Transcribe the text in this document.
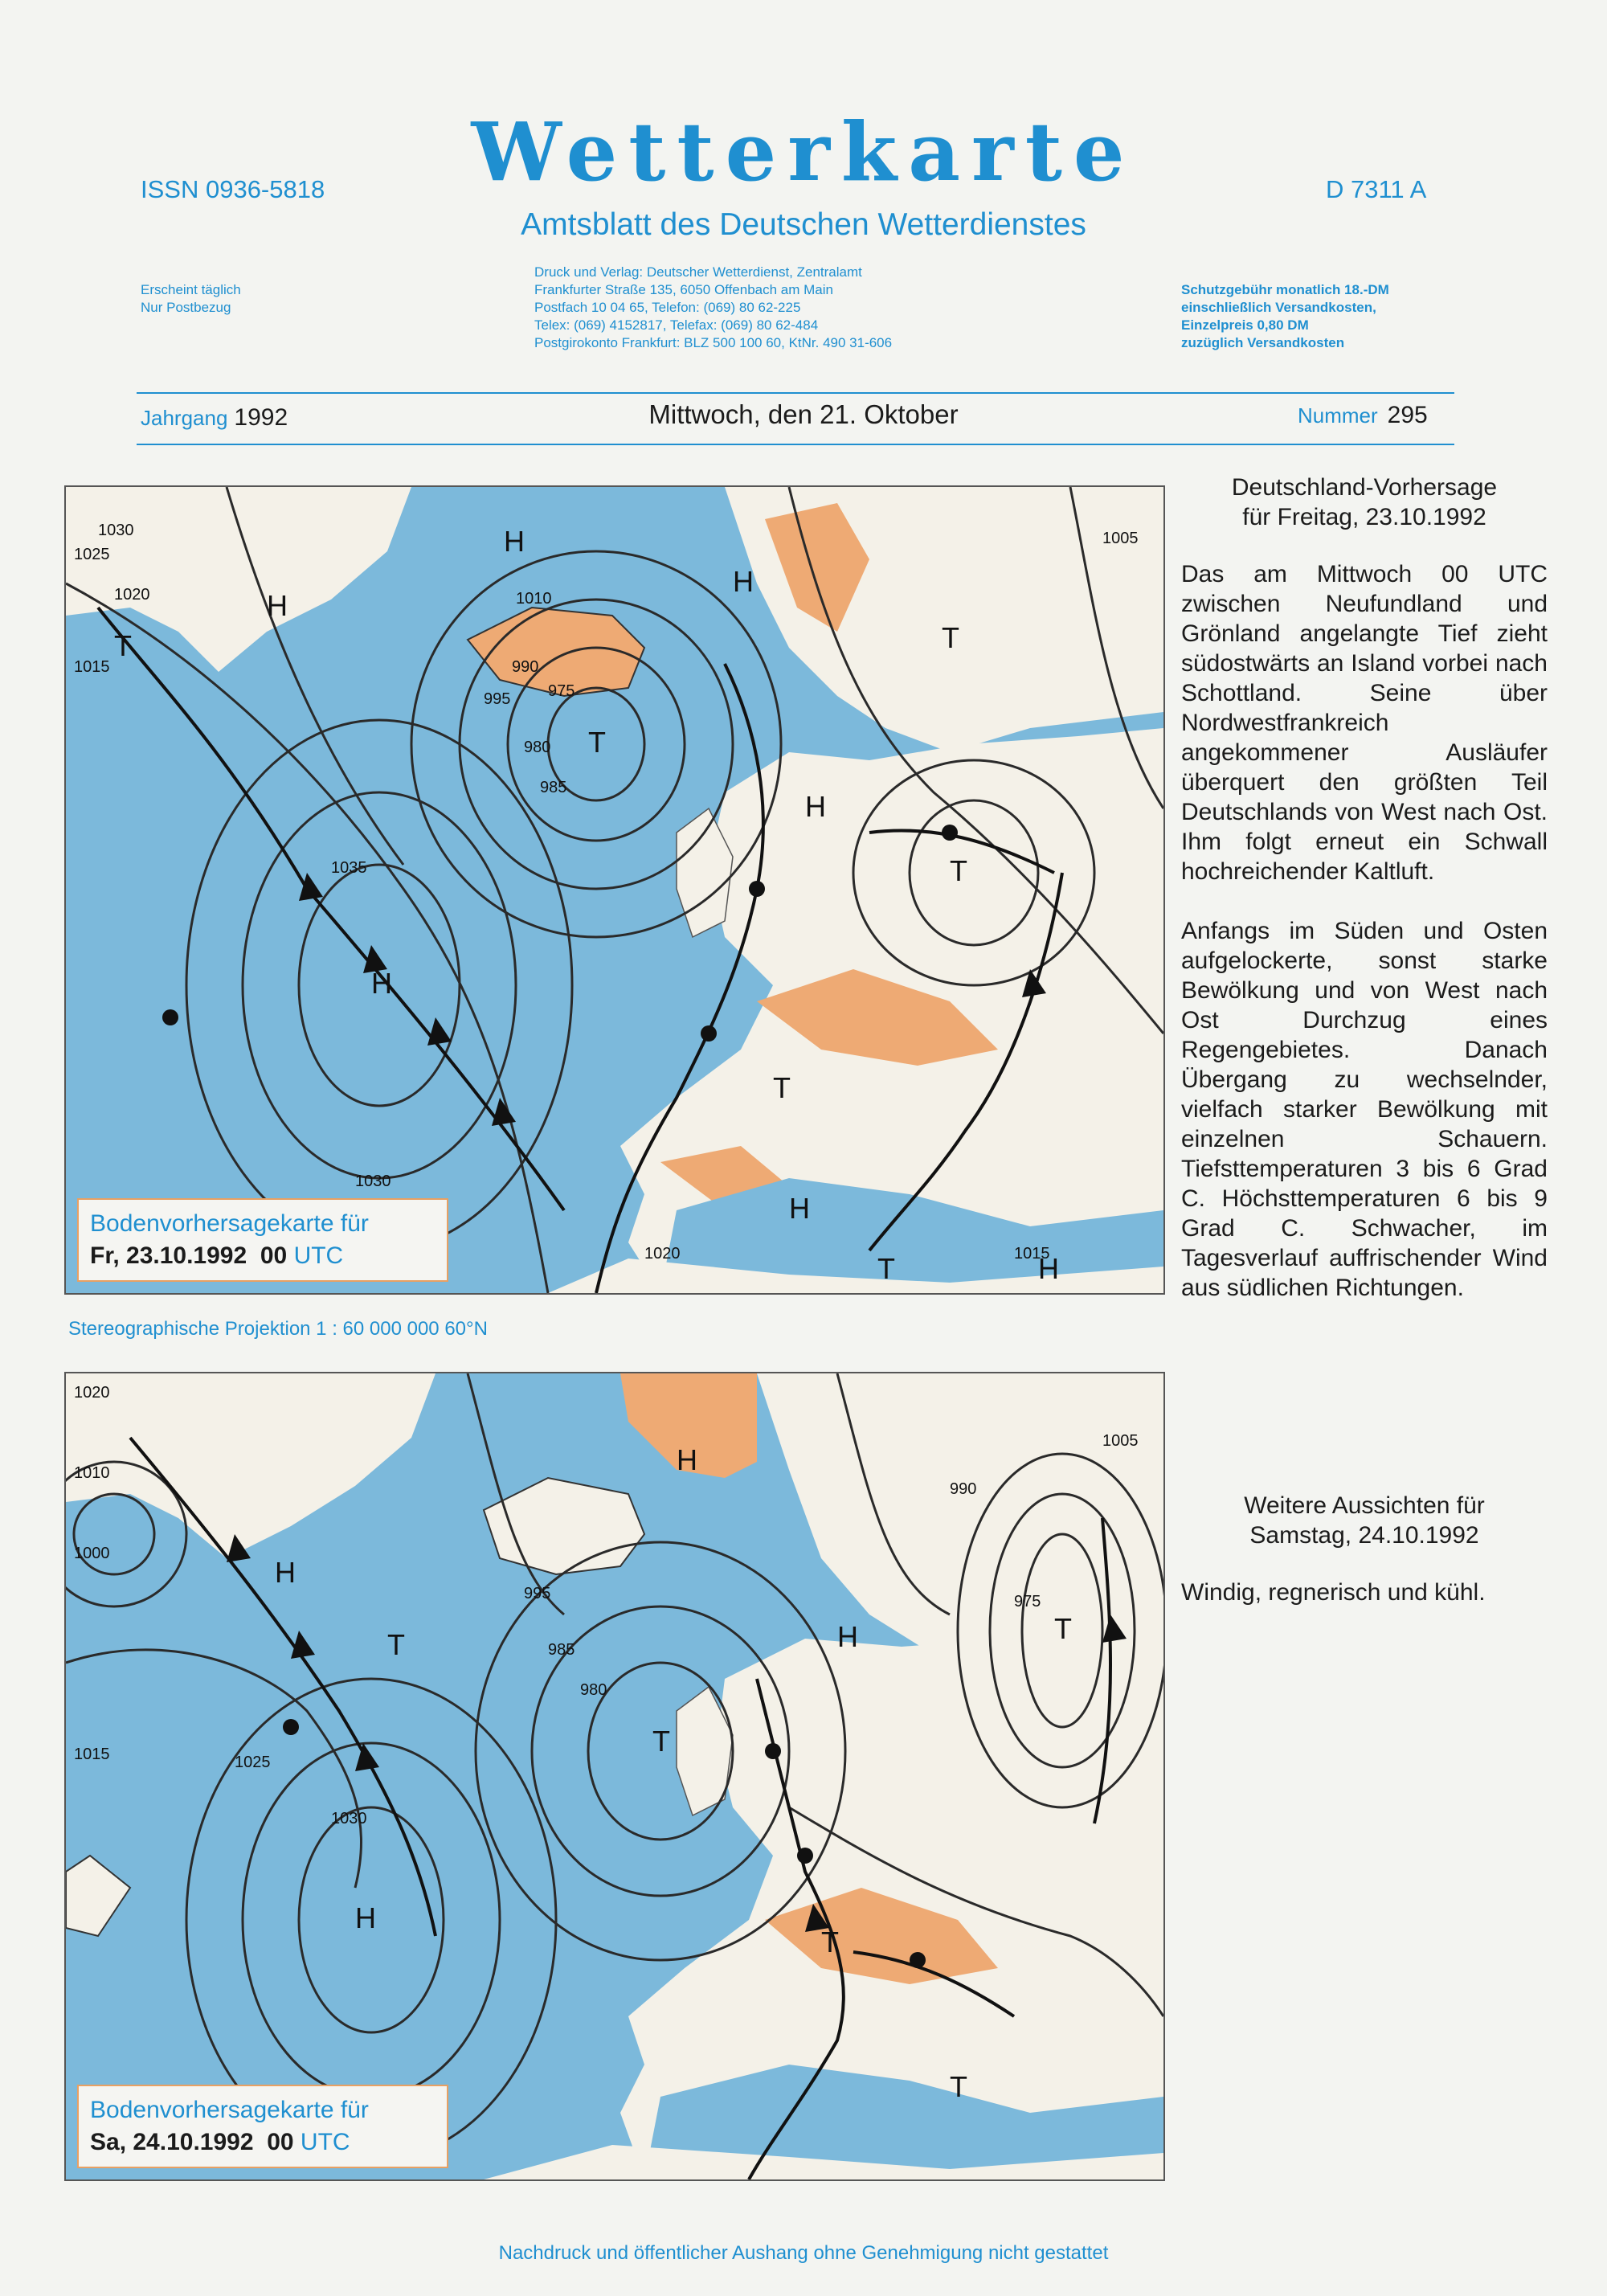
ISSN 0936-5818	Wetterkarte	D 7311 A
Amtsblatt des Deutschen Wetterdienstes
Erscheint täglich
Nur Postbezug
Druck und Verlag: Deutscher Wetterdienst, Zentralamt
Frankfurter Straße 135, 6050 Offenbach am Main
Postfach 10 04 65, Telefon: (069) 80 62-225
Telex: (069) 4152817, Telefax: (069) 80 62-484
Postgirokonto Frankfurt: BLZ 500 100 60, KtNr. 490 31-606
Schutzgebühr monatlich 18.-DM
einschließlich Versandkosten,
Einzelpreis 0,80 DM
zuzüglich Versandkosten
Jahrgang 1992	Mittwoch, den 21. Oktober	Nummer 295
H
H
H
H
H
H
H
T
T
T	T
T
T
1030
1025
1020
1015
1010
995
990
975
980
985
1035
1030
1020	1015
1005
Bodenvorhersagekarte für
Fr, 23.10.1992 00 UTC
Stereographische Projektion 1 : 60 000 000 60°N
H
H
H
H
T
T
T
T
T
1020
1010
1015
1000
995
985
980
1025
1030
990
975
1005
Bodenvorhersagekarte für
Sa, 24.10.1992 00 UTC
Deutschland-Vorhersage
für Freitag, 23.10.1992

Das am Mittwoch 00 UTC zwischen Neufundland und Grönland angelangte Tief zieht südostwärts an Island vorbei nach Schottland. Seine über Nordwestfrankreich angekommener Ausläufer überquert den größten Teil Deutschlands von West nach Ost. Ihm folgt erneut ein Schwall hochreichender Kaltluft.

Anfangs im Süden und Osten aufgelockerte, sonst starke Bewölkung und von West nach Ost Durchzug eines Regengebietes. Danach Übergang zu wechselnder, vielfach starker Bewölkung mit einzelnen Schauern. Tiefsttemperaturen 3 bis 6 Grad C. Höchsttemperaturen 6 bis 9 Grad C. Schwacher, im Tagesverlauf auffrischender Wind aus südlichen Richtungen.

Weitere Aussichten für
Samstag, 24.10.1992

Windig, regnerisch und kühl.

Nachdruck und öffentlicher Aushang ohne Genehmigung nicht gestattet
